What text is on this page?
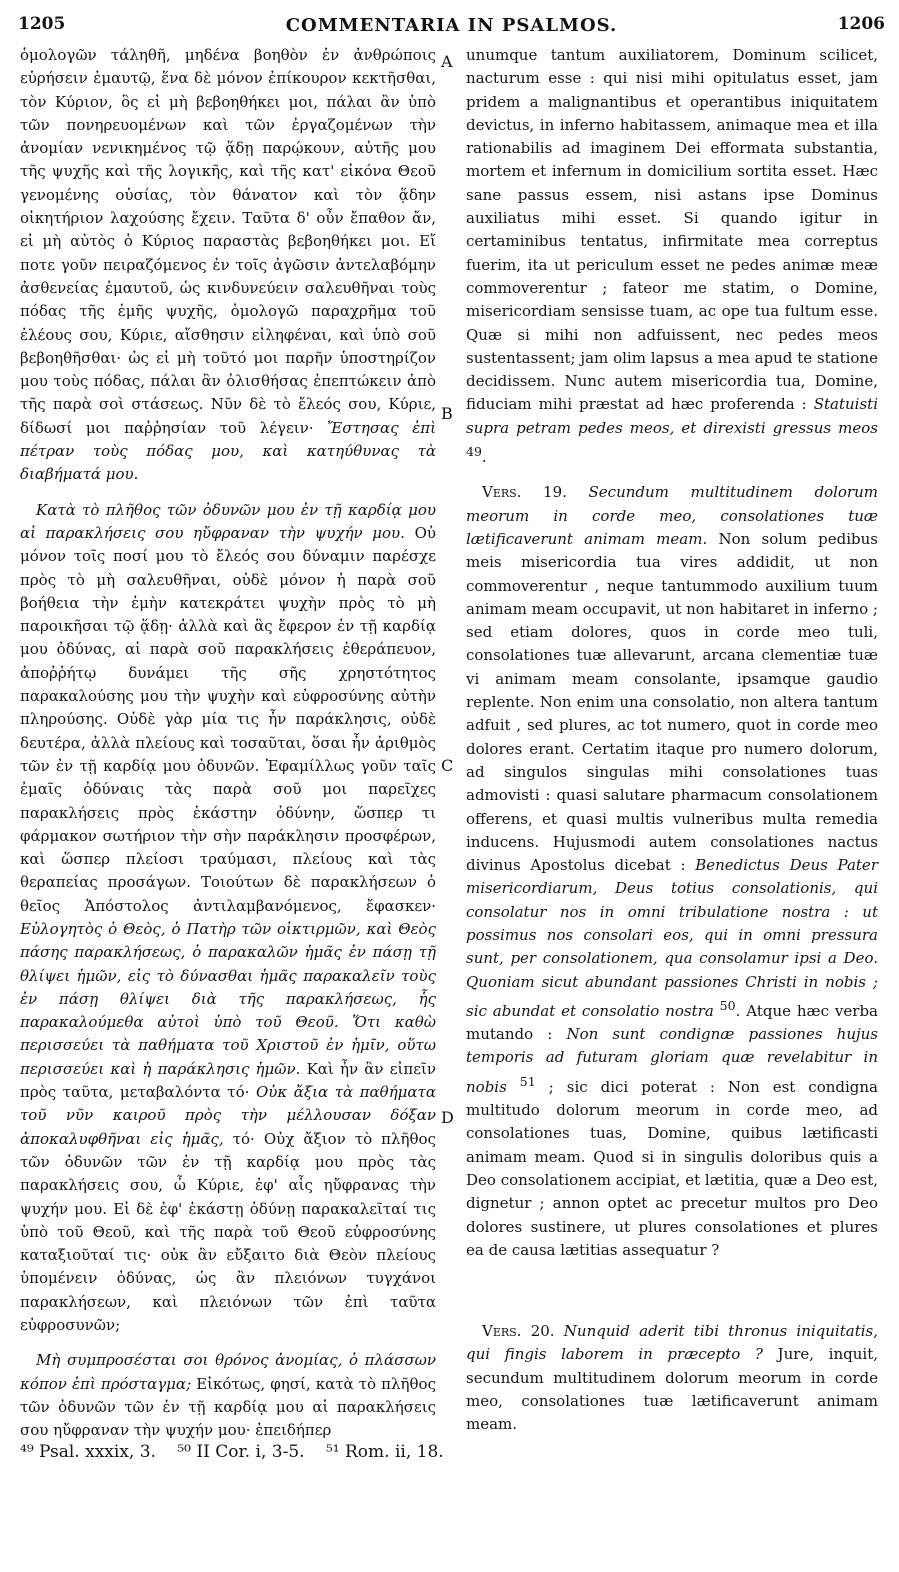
1205	COMMENTARIA IN PSALMOS.	1206

ὁμολογῶν τάληθῆ, μηδένα βοηθὸν ἐν ἀνθρώποις εὑρήσειν ἐμαυτῷ, ἕνα δὲ μόνον ἐπίκουρον κεκτῆσθαι, τὸν Κύριον, ὃς εἰ μὴ βεβοηθήκει μοι, πάλαι ἂν ὑπὸ τῶν πονηρευομένων καὶ τῶν ἐργαζομένων τὴν ἀνομίαν νενικημένος τῷ ᾅδῃ παρῴκουν, αὐτῆς μου τῆς ψυχῆς καὶ τῆς λογικῆς, καὶ τῆς κατ' εἰκόνα Θεοῦ γενομένης οὐσίας, τὸν θάνατον καὶ τὸν ᾅδην οἰκητήριον λαχούσης ἔχειν. Ταῦτα δ' οὖν ἔπαθον ἄν, εἰ μὴ αὐτὸς ὁ Κύριος παραστὰς βεβοηθήκει μοι. Εἴ ποτε γοῦν πειραζόμενος ἐν τοῖς ἀγῶσιν ἀντελαβόμην ἀσθενείας ἐμαυτοῦ, ὡς κινδυνεύειν σαλευθῆναι τοὺς πόδας τῆς ἐμῆς ψυχῆς, ὁμολογῶ παραχρῆμα τοῦ ἐλέους σου, Κύριε, αἴσθησιν εἰληφέναι, καὶ ὑπὸ σοῦ βεβοηθῆσθαι· ὡς εἰ μὴ τοῦτό μοι παρῆν ὑποστηρίζον μου τοὺς πόδας, πάλαι ἂν ὀλισθήσας ἐπεπτώκειν ἀπὸ τῆς παρὰ σοὶ στάσεως. Νῦν δὲ τὸ ἔλεός σου, Κύριε, δίδωσί μοι παῤῥησίαν τοῦ λέγειν· Ἔστησας ἐπὶ πέτραν τοὺς πόδας μου, καὶ κατηύθυνας τὰ διαβήματά μου.

Κατὰ τὸ πλῆθος τῶν ὀδυνῶν μου ἐν τῇ καρδίᾳ μου αἱ παρακλήσεις σου ηὔφραναν τὴν ψυχήν μου. Οὐ μόνον τοῖς ποσί μου τὸ ἔλεός σου δύναμιν παρέσχε πρὸς τὸ μὴ σαλευθῆναι, οὐδὲ μόνον ἡ παρὰ σοῦ βοήθεια τὴν ἐμὴν κατεκράτει ψυχὴν πρὸς τὸ μὴ παροικῆσαι τῷ ᾅδῃ· ἀλλὰ καὶ ἃς ἔφερον ἐν τῇ καρδίᾳ μου ὀδύνας, αἱ παρὰ σοῦ παρακλήσεις ἐθεράπευον, ἀποῤῥήτῳ δυνάμει τῆς σῆς χρηστότητος παρακαλούσης μου τὴν ψυχὴν καὶ εὐφροσύνης αὐτὴν πληρούσης. Οὐδὲ γὰρ μία τις ἦν παράκλησις, οὐδὲ δευτέρα, ἀλλὰ πλείους καὶ τοσαῦται, ὅσαι ἦν ἀριθμὸς τῶν ἐν τῇ καρδίᾳ μου ὀδυνῶν. Ἐφαμίλλως γοῦν ταῖς ἐμαῖς ὀδύναις τὰς παρὰ σοῦ μοι παρεῖχες παρακλήσεις πρὸς ἑκάστην ὀδύνην, ὥσπερ τι φάρμακον σωτήριον τὴν σὴν παράκλησιν προσφέρων, καὶ ὥσπερ πλείοσι τραύμασι, πλείους καὶ τὰς θεραπείας προσάγων. Τοιούτων δὲ παρακλήσεων ὁ θεῖος Ἀπόστολος ἀντιλαμβανόμενος, ἔφασκεν· Εὐλογητὸς ὁ Θεὸς, ὁ Πατὴρ τῶν οἰκτιρμῶν, καὶ Θεὸς πάσης παρακλήσεως, ὁ παρακαλῶν ἡμᾶς ἐν πάσῃ τῇ θλίψει ἡμῶν, εἰς τὸ δύνασθαι ἡμᾶς παρακαλεῖν τοὺς ἐν πάσῃ θλίψει διὰ τῆς παρακλήσεως, ἧς παρακαλούμεθα αὐτοὶ ὑπὸ τοῦ Θεοῦ. Ὅτι καθὼ περισσεύει τὰ παθήματα τοῦ Χριστοῦ ἐν ἡμῖν, οὕτω περισσεύει καὶ ἡ παράκλησις ἡμῶν. Καὶ ἦν ἂν εἰπεῖν πρὸς ταῦτα, μεταβαλόντα τό· Οὐκ ἄξια τὰ παθήματα τοῦ νῦν καιροῦ πρὸς τὴν μέλλουσαν δόξαν ἀποκαλυφθῆναι εἰς ἡμᾶς, τό· Οὐχ ἄξιον τὸ πλῆθος τῶν ὀδυνῶν τῶν ἐν τῇ καρδίᾳ μου πρὸς τὰς παρακλήσεις σου, ὦ Κύριε, ἐφ' αἷς ηὔφρανας τὴν ψυχήν μου. Εἰ δὲ ἐφ' ἑκάστῃ ὀδύνῃ παρακαλεῖταί τις ὑπὸ τοῦ Θεοῦ, καὶ τῆς παρὰ τοῦ Θεοῦ εὐφροσύνης καταξιοῦταί τις· οὐκ ἂν εὔξαιτο διὰ Θεὸν πλείους ὑπομένειν ὀδύνας, ὡς ἂν πλειόνων τυγχάνοι παρακλήσεων, καὶ πλειόνων τῶν ἐπὶ ταῦτα εὐφροσυνῶν;

Μὴ συμπροσέσται σοι θρόνος ἀνομίας, ὁ πλάσσων κόπον ἐπὶ πρόσταγμα; Εἰκότως, φησί, κατὰ τὸ πλῆθος τῶν ὀδυνῶν τῶν ἐν τῇ καρδίᾳ μου αἱ παρακλήσεις σου ηὔφραναν τὴν ψυχήν μου· ἐπειδήπερ

A
B
C
D

unumque tantum auxiliatorem, Dominum scilicet, nacturum esse : qui nisi mihi opitulatus esset, jam pridem a malignantibus et operantibus iniquitatem devictus, in inferno habitassem, animaque mea et illa rationabilis ad imaginem Dei efformata substantia, mortem et infernum in domicilium sortita esset. Hæc sane passus essem, nisi astans ipse Dominus auxiliatus mihi esset. Si quando igitur in certaminibus tentatus, infirmitate mea correptus fuerim, ita ut periculum esset ne pedes animæ meæ commoverentur ; fateor me statim, o Domine, misericordiam sensisse tuam, ac ope tua fultum esse. Quæ si mihi non adfuissent, nec pedes meos sustentassent; jam olim lapsus a mea apud te statione decidissem. Nunc autem misericordia tua, Domine, fiduciam mihi præstat ad hæc proferenda : Statuisti supra petram pedes meos, et direxisti gressus meos $^{49}$.

Vers. 19. Secundum multitudinem dolorum meorum in corde meo, consolationes tuæ lætificaverunt animam meam. Non solum pedibus meis misericordia tua vires addidit, ut non commoverentur , neque tantummodo auxilium tuum animam meam occupavit, ut non habitaret in inferno ; sed etiam dolores, quos in corde meo tuli, consolationes tuæ allevarunt, arcana clementiæ tuæ vi animam meam consolante, ipsamque gaudio replente. Non enim una consolatio, non altera tantum adfuit , sed plures, ac tot numero, quot in corde meo dolores erant. Certatim itaque pro numero dolorum, ad singulos singulas mihi consolationes tuas admovisti : quasi salutare pharmacum consolationem offerens, et quasi multis vulneribus multa remedia inducens. Hujusmodi autem consolationes nactus divinus Apostolus dicebat : Benedictus Deus Pater misericordiarum, Deus totius consolationis, qui consolatur nos in omni tribulatione nostra : ut possimus nos consolari eos, qui in omni pressura sunt, per consolationem, qua consolamur ipsi a Deo. Quoniam sicut abundant passiones Christi in nobis ; sic abundat et consolatio nostra $^{50}$. Atque hæc verba mutando : Non sunt condignæ passiones hujus temporis ad futuram gloriam quæ revelabitur in nobis $^{51}$ ; sic dici poterat : Non est condigna multitudo dolorum meorum in corde meo, ad consolationes tuas, Domine, quibus lætificasti animam meam. Quod si in singulis doloribus quis a Deo consolationem accipiat, et lætitia, quæ a Deo est, dignetur ; annon optet ac precetur multos pro Deo dolores sustinere, ut plures consolationes et plures ea de causa lætitias assequatur ?

Vers. 20. Nunquid aderit tibi thronus iniquitatis, qui fingis laborem in præcepto ? Jure, inquit, secundum multitudinem dolorum meorum in corde meo, consolationes tuæ lætificaverunt animam meam.

⁴⁹ Psal. xxxix, 3. ⁵⁰ II Cor. i, 3-5. ⁵¹ Rom. ii, 18.
